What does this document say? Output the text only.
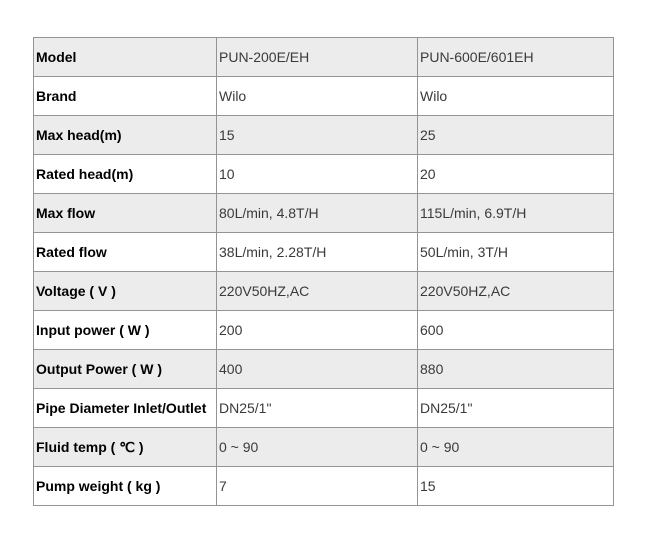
Model	PUN-200E/EH	PUN-600E/601EH
Brand	Wilo	Wilo
Max head(m)	15	25
Rated head(m)	10	20
Max flow	80L/min, 4.8T/H	115L/min, 6.9T/H
Rated flow	38L/min, 2.28T/H	50L/min, 3T/H
Voltage ( V )	220V50HZ,AC	220V50HZ,AC
Input power ( W )	200	600
Output Power ( W )	400	880
Pipe Diameter Inlet/Outlet	DN25/1"	DN25/1"
Fluid temp ( ℃ )	0 ~ 90	0 ~ 90
Pump weight ( kg )	7	15
